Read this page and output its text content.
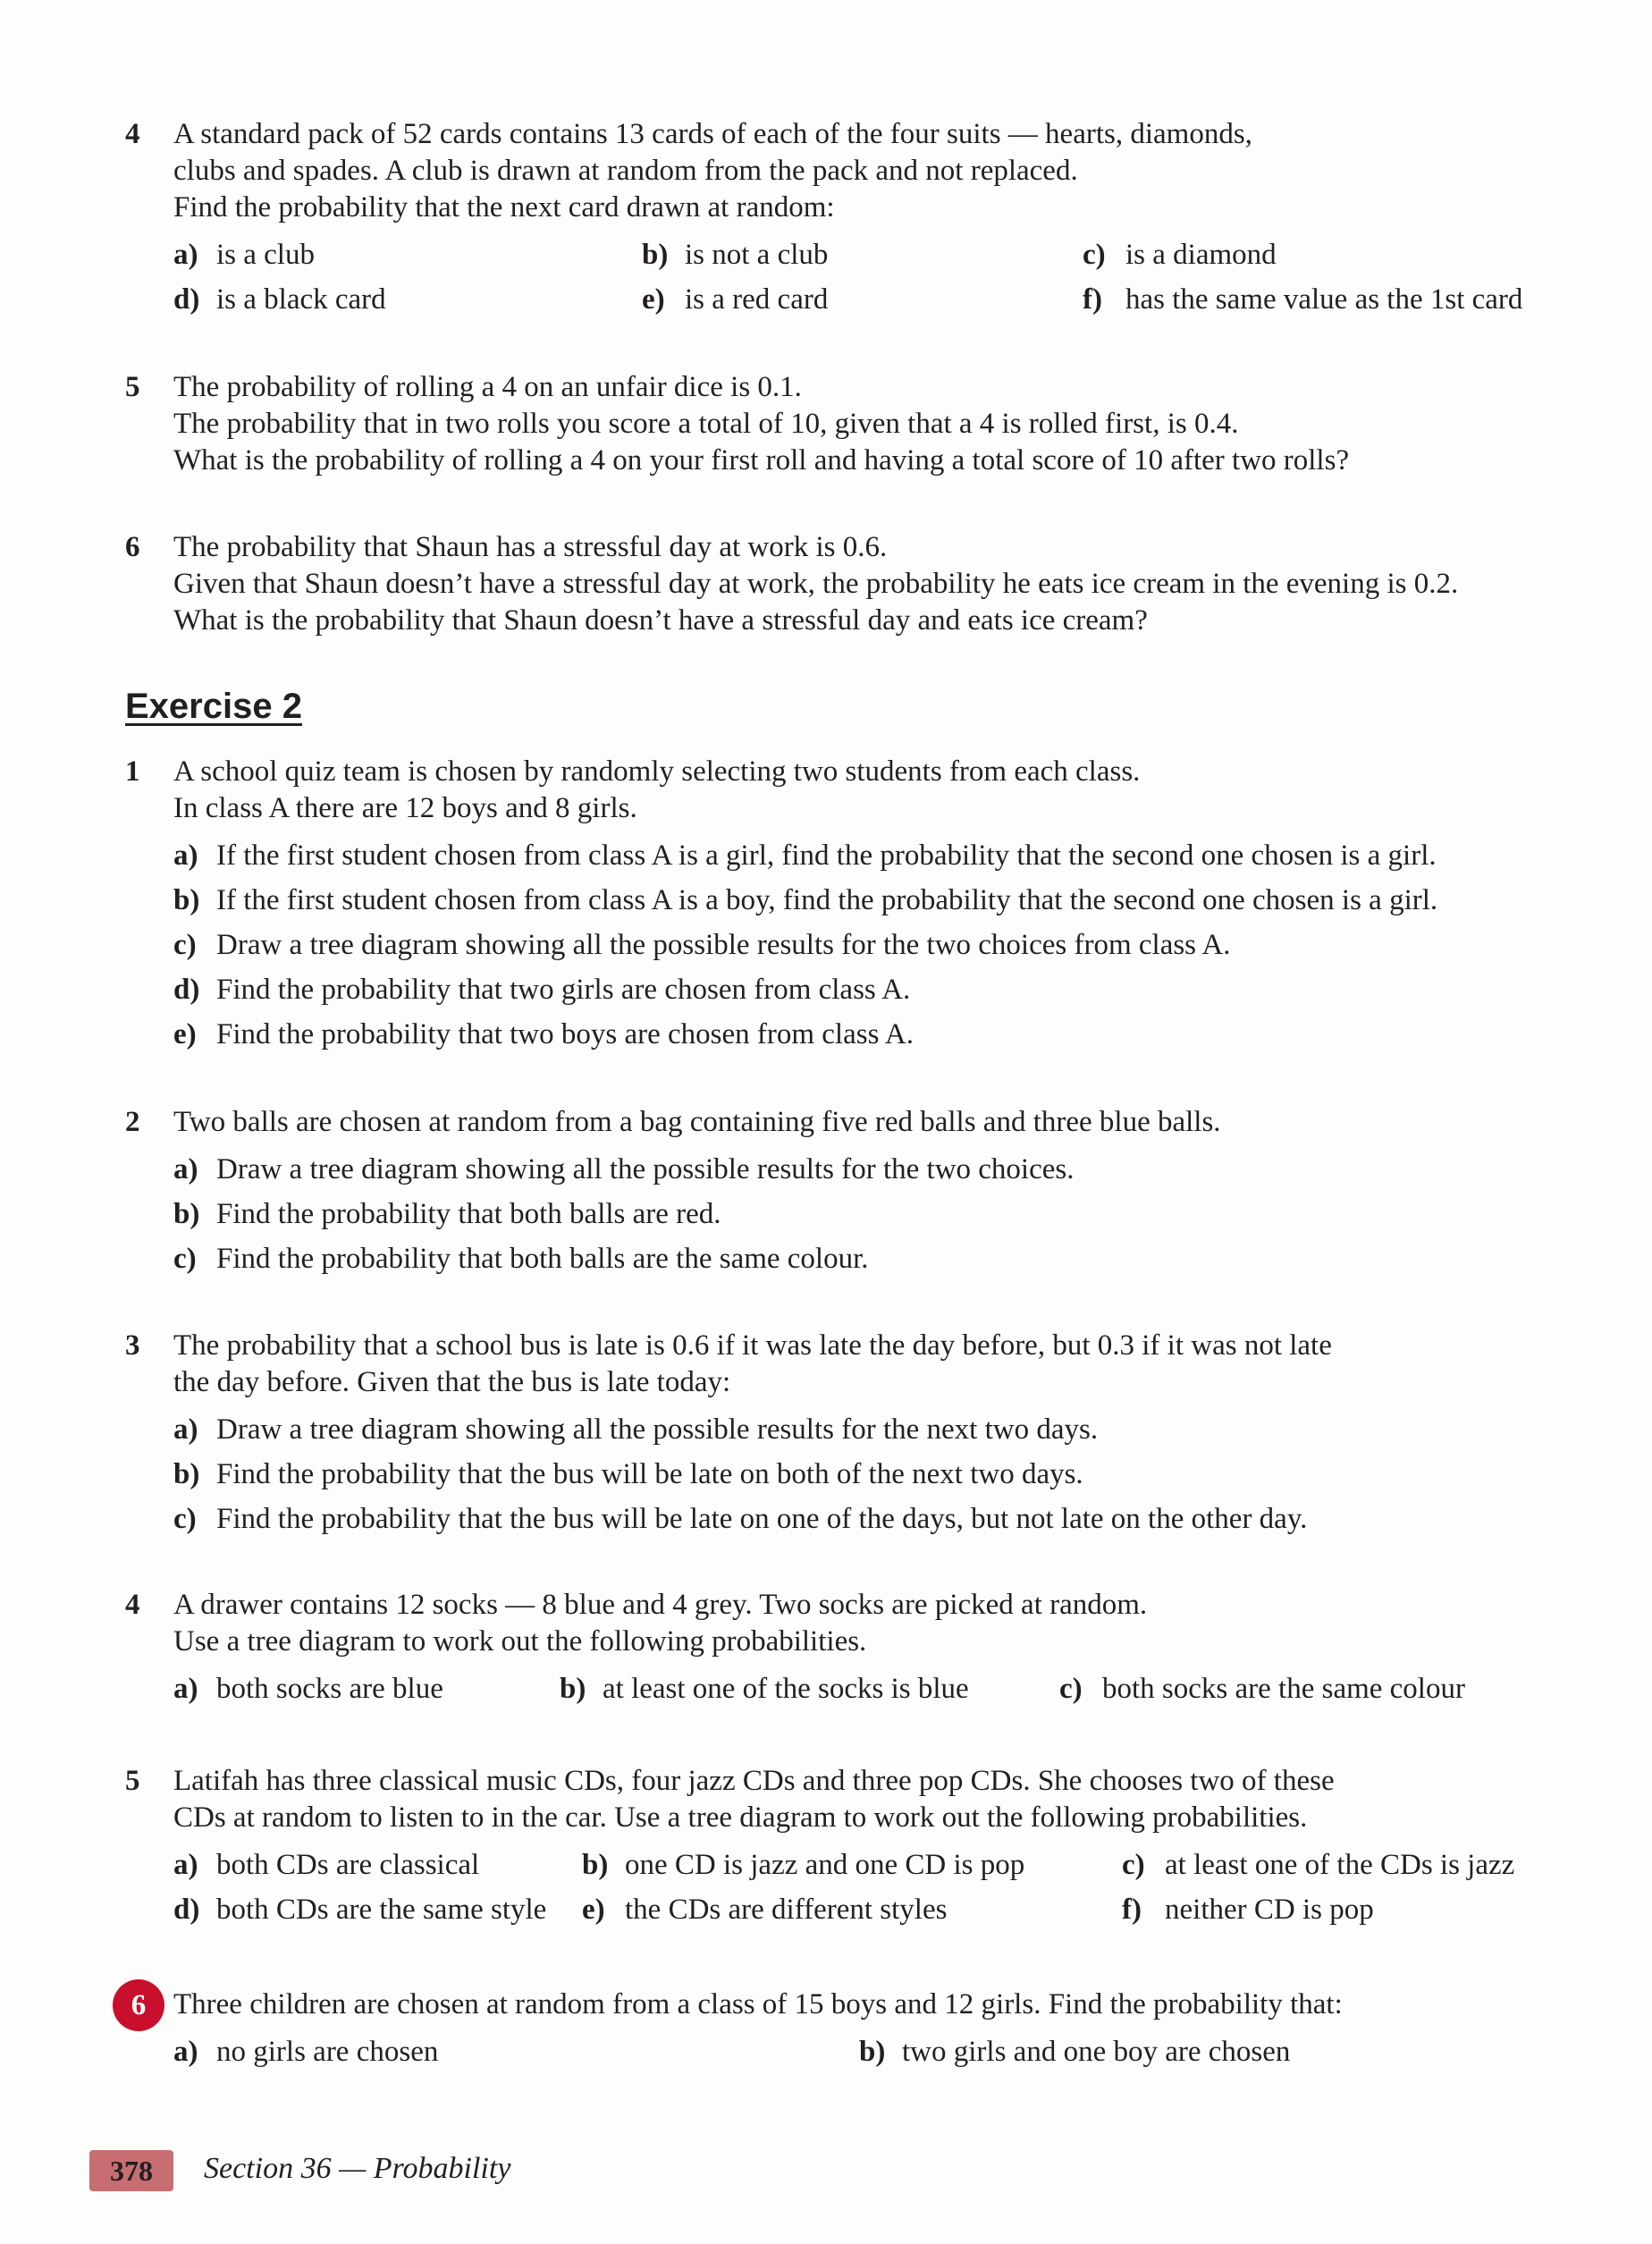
4	A standard pack of 52 cards contains 13 cards of each of the four suits — hearts, diamonds,
clubs and spades. A club is drawn at random from the pack and not replaced.
Find the probability that the next card drawn at random:
a) is a club	b) is not a club	c) is a diamond
d) is a black card	e) is a red card	f) has the same value as the 1st card
5	The probability of rolling a 4 on an unfair dice is 0.1.
The probability that in two rolls you score a total of 10, given that a 4 is rolled first, is 0.4.
What is the probability of rolling a 4 on your first roll and having a total score of 10 after two rolls?
6	The probability that Shaun has a stressful day at work is 0.6.
Given that Shaun doesn’t have a stressful day at work, the probability he eats ice cream in the evening is 0.2.
What is the probability that Shaun doesn’t have a stressful day and eats ice cream?
Exercise 2
1	A school quiz team is chosen by randomly selecting two students from each class.
In class A there are 12 boys and 8 girls.
a) If the first student chosen from class A is a girl, find the probability that the second one chosen is a girl.
b) If the first student chosen from class A is a boy, find the probability that the second one chosen is a girl.
c) Draw a tree diagram showing all the possible results for the two choices from class A.
d) Find the probability that two girls are chosen from class A.
e) Find the probability that two boys are chosen from class A.
2	Two balls are chosen at random from a bag containing five red balls and three blue balls.
a) Draw a tree diagram showing all the possible results for the two choices.
b) Find the probability that both balls are red.
c) Find the probability that both balls are the same colour.
3	The probability that a school bus is late is 0.6 if it was late the day before, but 0.3 if it was not late
the day before. Given that the bus is late today:
a) Draw a tree diagram showing all the possible results for the next two days.
b) Find the probability that the bus will be late on both of the next two days.
c) Find the probability that the bus will be late on one of the days, but not late on the other day.
4	A drawer contains 12 socks — 8 blue and 4 grey. Two socks are picked at random.
Use a tree diagram to work out the following probabilities.
a) both socks are blue	b) at least one of the socks is blue	c) both socks are the same colour
5	Latifah has three classical music CDs, four jazz CDs and three pop CDs. She chooses two of these
CDs at random to listen to in the car. Use a tree diagram to work out the following probabilities.
a) both CDs are classical	b) one CD is jazz and one CD is pop	c) at least one of the CDs is jazz
d) both CDs are the same style e) the CDs are different styles	f) neither CD is pop
6 Three children are chosen at random from a class of 15 boys and 12 girls. Find the probability that:
a) no girls are chosen	b) two girls and one boy are chosen
378	Section 36 — Probability
